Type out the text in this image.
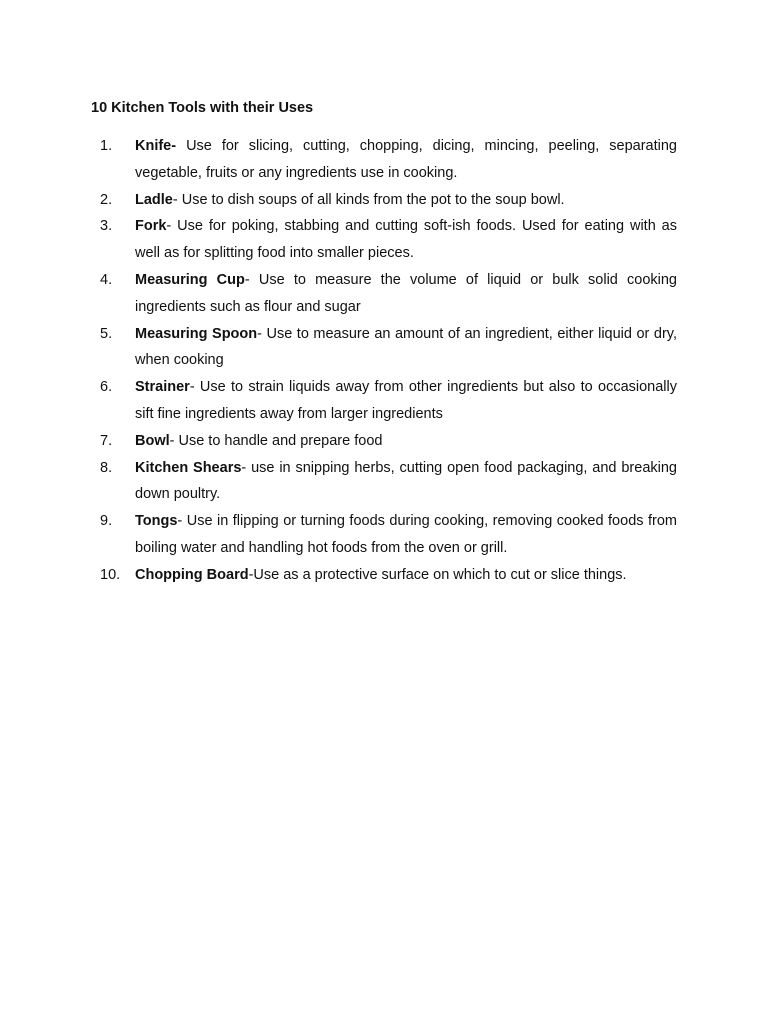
10 Kitchen Tools with their Uses
1.	Knife- Use for slicing, cutting, chopping, dicing, mincing, peeling, separating vegetable, fruits or any ingredients use in cooking.
2.	Ladle- Use to dish soups of all kinds from the pot to the soup bowl.
3.	Fork- Use for poking, stabbing and cutting soft-ish foods. Used for eating with as well as for splitting food into smaller pieces.
4.	Measuring Cup- Use to measure the volume of liquid or bulk solid cooking ingredients such as flour and sugar
5.	Measuring Spoon- Use to measure an amount of an ingredient, either liquid or dry, when cooking
6.	Strainer- Use to strain liquids away from other ingredients but also to occasionally sift fine ingredients away from larger ingredients
7.	Bowl- Use to handle and prepare food
8.	Kitchen Shears- use in snipping herbs, cutting open food packaging, and breaking down poultry.
9.	Tongs- Use in flipping or turning foods during cooking, removing cooked foods from boiling water and handling hot foods from the oven or grill.
10.	Chopping Board-Use as a protective surface on which to cut or slice things.
